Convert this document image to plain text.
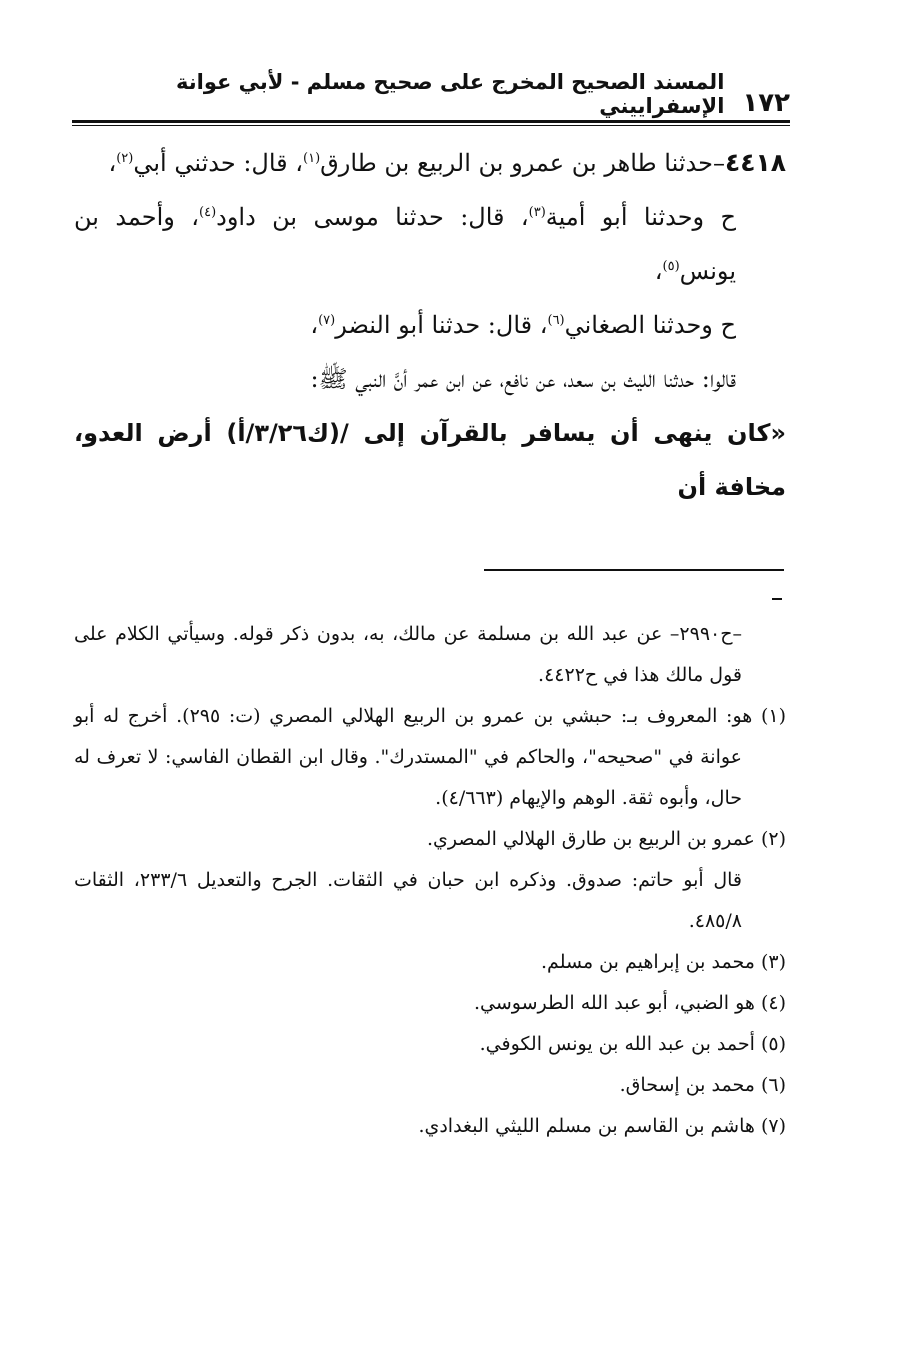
١٧٢
المسند الصحيح المخرج على صحيح مسلم - لأبي عوانة الإسفراييني

٤٤١٨–حدثنا طاهر بن عمرو بن الربيع بن طارق$^{(١)}$، قال: حدثني أبي$^{(٢)}$،

ح وحدثنا أبو أمية$^{(٣)}$، قال: حدثنا موسى بن داود$^{(٤)}$، وأحمد بن يونس$^{(٥)}$،

ح وحدثنا الصغاني$^{(٦)}$، قال: حدثنا أبو النضر$^{(٧)}$،

قالوا: حدثنا الليث بن سعد، عن نافع، عن ابن عمر أنَّ النبي ﷺ:

«كان ينهى أن يسافر بالقرآن إلى /(ك٣/٢٦/أ) أرض العدو، مخافة أن

–ح٢٩٩٠– عن عبد الله بن مسلمة عن مالك، به، بدون ذكر قوله. وسيأتي الكلام على قول مالك هذا في ح٤٤٢٢.

(١) هو: المعروف بـ: حبشي بن عمرو بن الربيع الهلالي المصري (ت: ٢٩٥). أخرج له أبو عوانة في "صحيحه"، والحاكم في "المستدرك". وقال ابن القطان الفاسي: لا تعرف له حال، وأبوه ثقة. الوهم والإيهام (٤/٦٦٣).

(٢) عمرو بن الربيع بن طارق الهلالي المصري.

قال أبو حاتم: صدوق. وذكره ابن حبان في الثقات. الجرح والتعديل ٢٣٣/٦، الثقات ٤٨٥/٨.

(٣) محمد بن إبراهيم بن مسلم.

(٤) هو الضبي، أبو عبد الله الطرسوسي.

(٥) أحمد بن عبد الله بن يونس الكوفي.

(٦) محمد بن إسحاق.

(٧) هاشم بن القاسم بن مسلم الليثي البغدادي.
